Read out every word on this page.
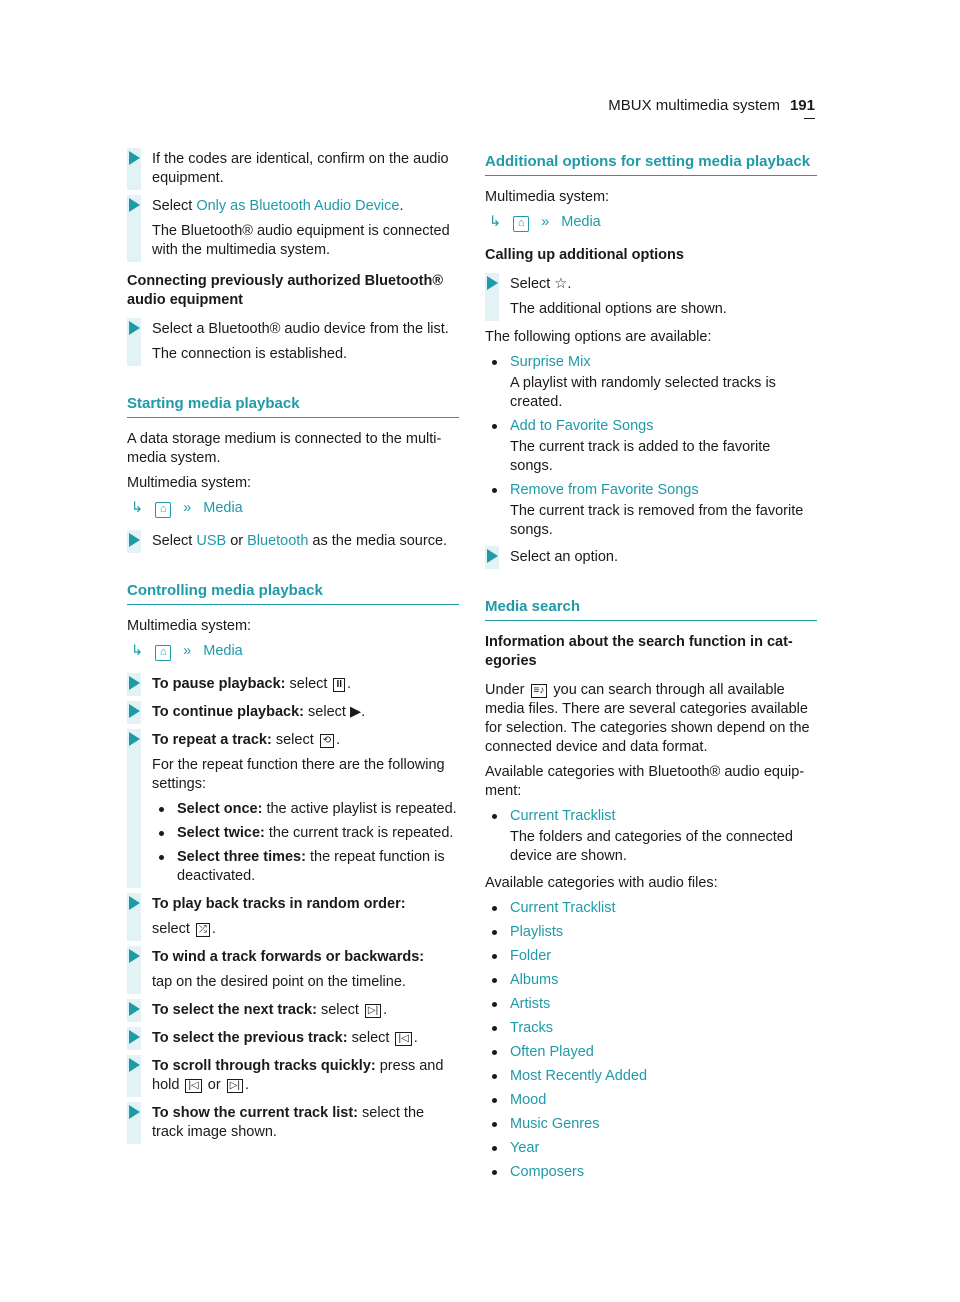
MBUX multimedia system 191

If the codes are identical, confirm on the audio equipment.

Select Only as Bluetooth Audio Device.

The Bluetooth® audio equipment is connected with the multimedia system.

Connecting previously authorized Bluetooth® audio equipment

Select a Bluetooth® audio device from the list.

The connection is established.

Starting media playback

A data storage medium is connected to the multimedia system.

Multimedia system:

↳ ⌂ » Media

Select USB or Bluetooth as the media source.

Controlling media playback

Multimedia system:

↳ ⌂ » Media

To pause playback: select II .

To continue playback: select ▶.

To repeat a track: select ⟲ .

For the repeat function there are the following settings:

Select once: the active playlist is repeated.
Select twice: the current track is repeated.
Select three times: the repeat function is deactivated.

To play back tracks in random order:

select ⤮ .

To wind a track forwards or backwards:

tap on the desired point on the timeline.

To select the next track: select ▷| .

To select the previous track: select |◁ .

To scroll through tracks quickly: press and hold |◁ or ▷| .

To show the current track list: select the track image shown.

Additional options for setting media playback

Multimedia system:

↳ ⌂ » Media
Calling up additional options

Select ☆.

The additional options are shown.

The following options are available:

Surprise Mix

A playlist with randomly selected tracks is created.

Add to Favorite Songs

The current track is added to the favorite songs.

Remove from Favorite Songs

The current track is removed from the favorite songs.

Select an option.

Media search
Information about the search function in categories

Under ≡♪ you can search through all available media files. There are several categories available for selection. The categories shown depend on the connected device and data format.

Available categories with Bluetooth® audio equipment:

Current Tracklist

The folders and categories of the connected device are shown.

Available categories with audio files:

Current Tracklist
Playlists
Folder
Albums
Artists
Tracks
Often Played
Most Recently Added
Mood
Music Genres
Year
Composers
